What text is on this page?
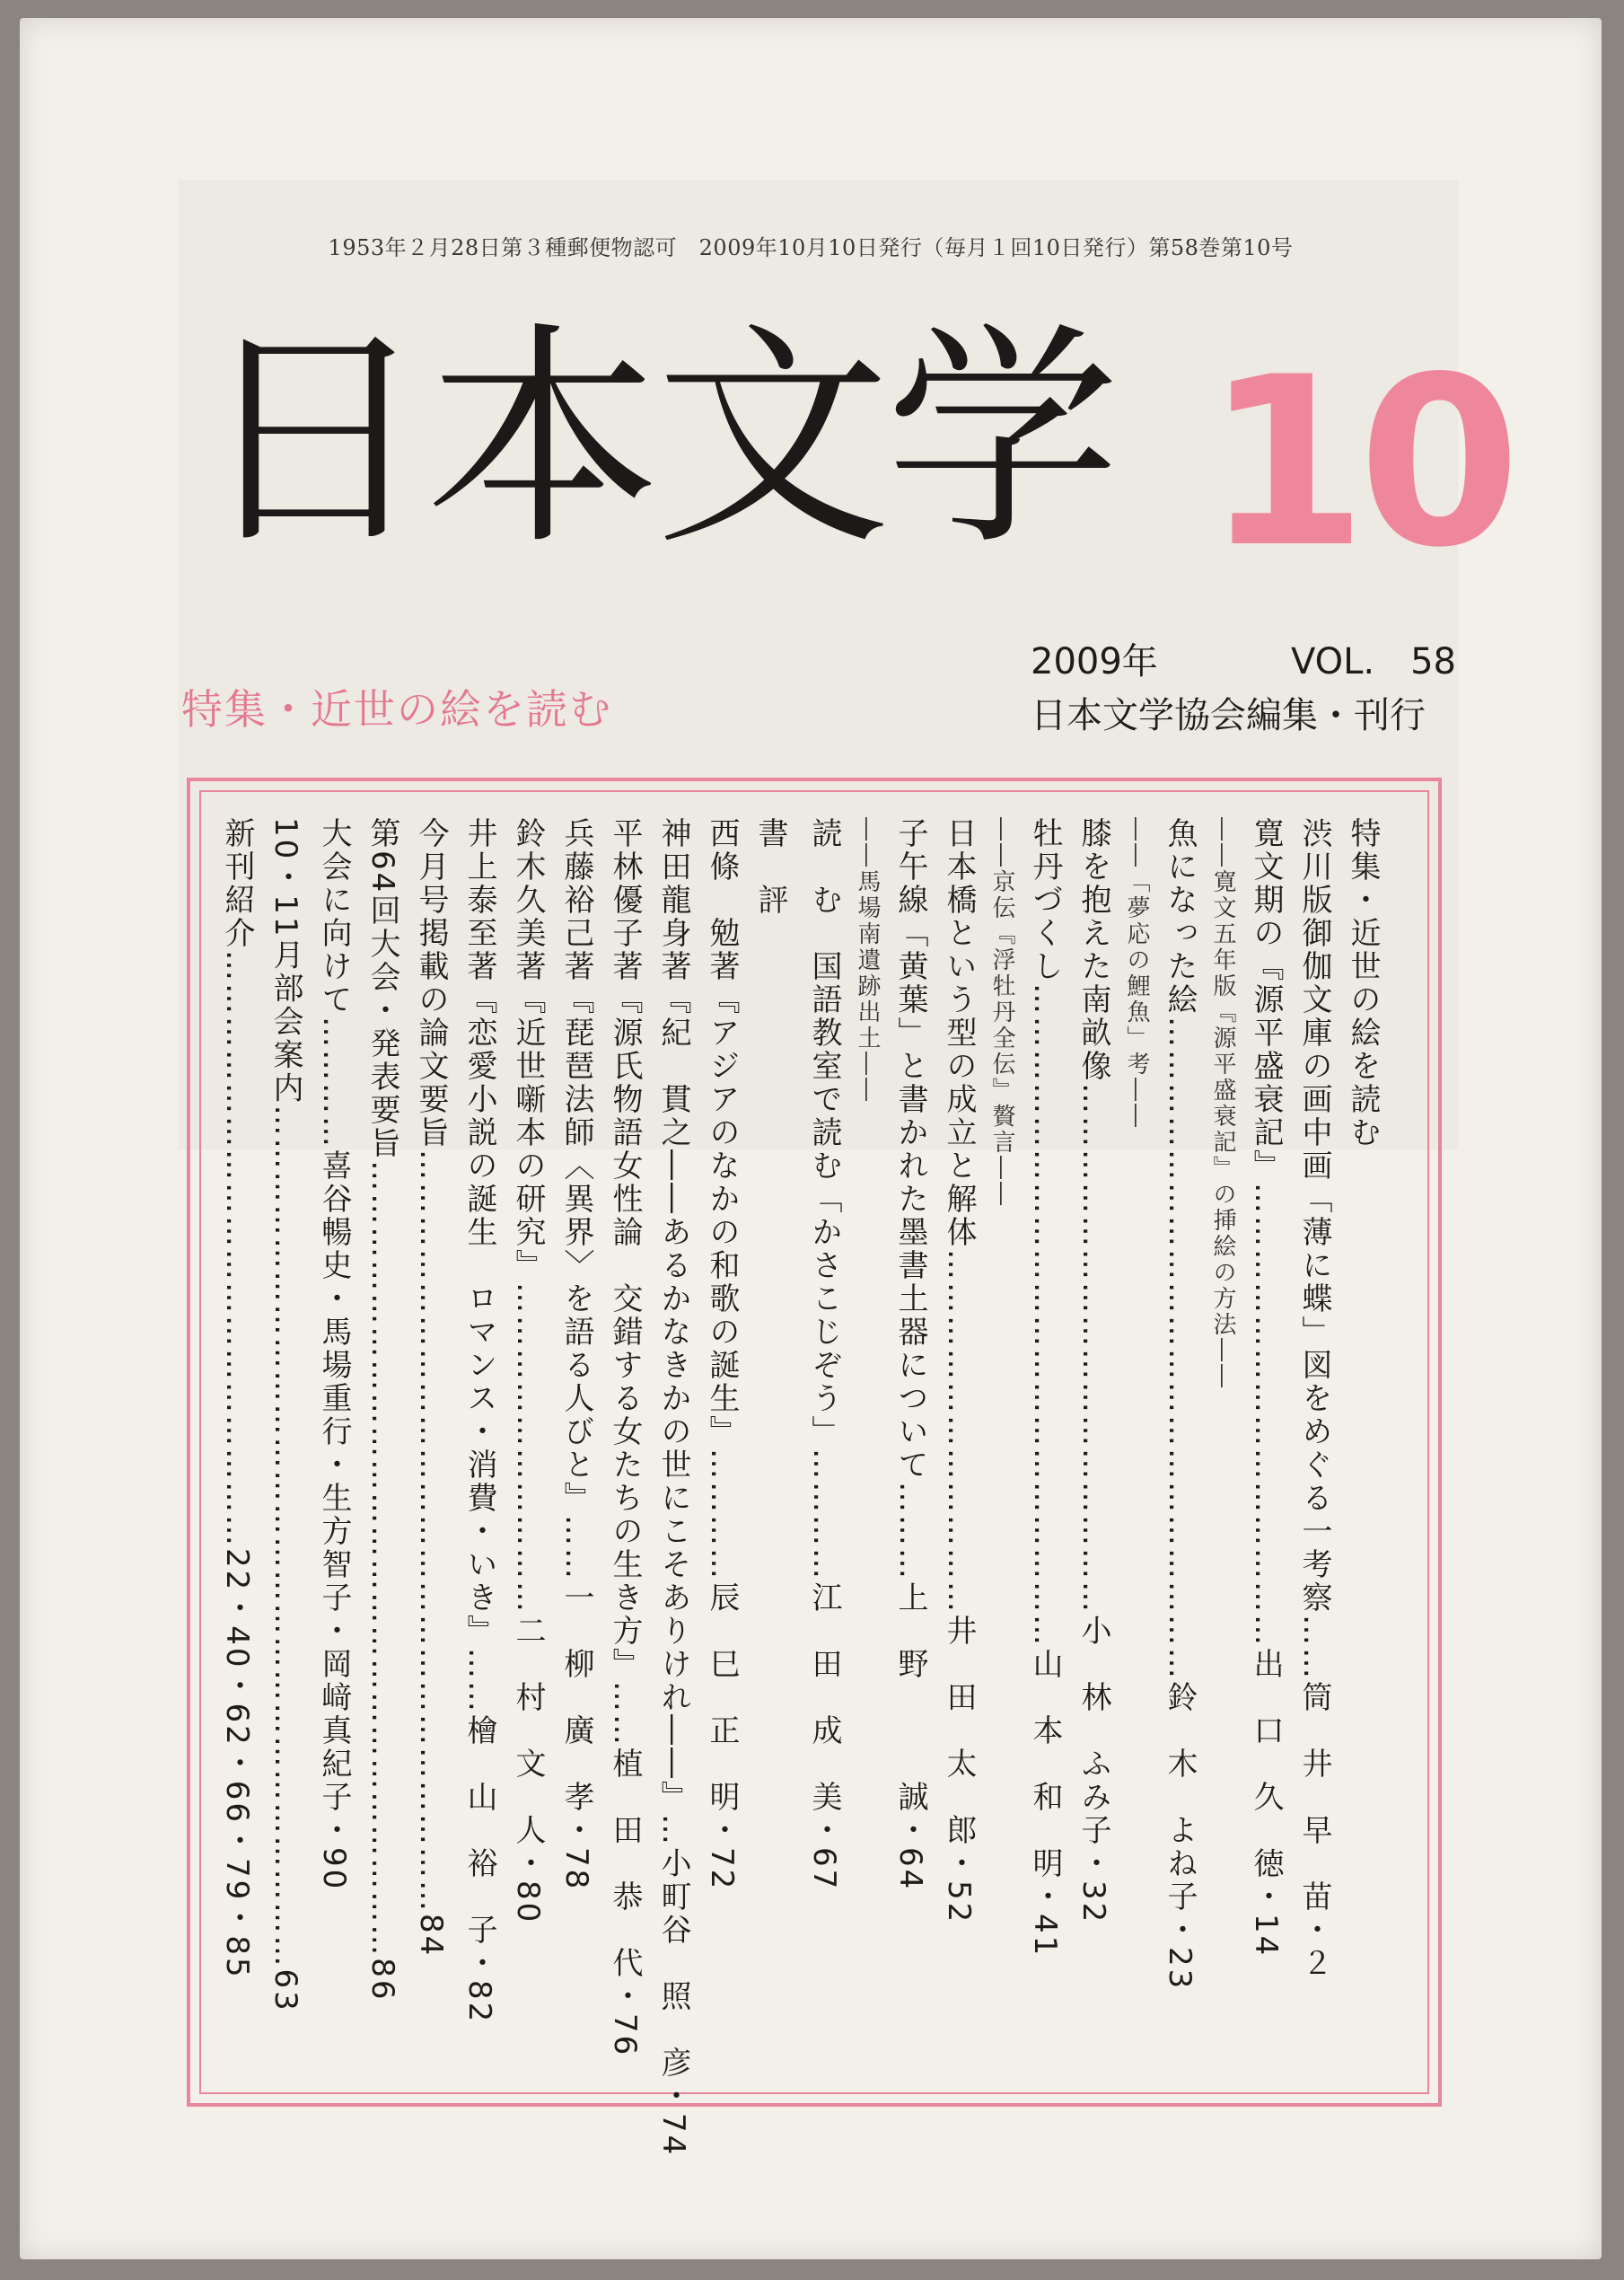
1953年２月28日第３種郵便物認可　2009年10月10日発行（毎月１回10日発行）第58巻第10号
日本文学 10
2009年	VOL.　58
日本文学協会編集・刊行
特集・近世の絵を読む
特集・近世の絵を読む
渋川版御伽文庫の画中画「薄に蝶」図をめぐる一考察……筒　井　早　苗・２
寛文期の『源平盛衰記』……………………………………出　口　久　徳・14
――寛文五年版『源平盛衰記』の挿絵の方法――
魚になった絵……………………………………………………鈴　木　よね子・23
――「夢応の鯉魚」考――
膝を抱えた南畝像…………………………………………小　林　ふみ子・32
牡丹づくし……………………………………………………山　本　和　明・41
――京伝『浮牡丹全伝』贅言――
日本橋という型の成立と解体……………………………井　田　太　郎・52
子午線「黄葉」と書かれた墨書土器について………上　野　　　誠・64
――馬場南遺跡出土――
読　む　国語教室で読む「かさこじぞう」…………江　田　成　美・67
書　評
西條　勉著『アジアのなかの和歌の誕生』…………辰　巳　正　明・72
神田龍身著『紀　貫之――あるかなきかの世にこそありけれ――』…小町谷　照　彦・74
平林優子著『源氏物語女性論　交錯する女たちの生き方』……植　田　恭　代・76
兵藤裕己著『琵琶法師〈異界〉を語る人びと』……一　柳　廣　孝・78
鈴木久美著『近世噺本の研究』…………………………二　村　文　人・80
井上泰至著『恋愛小説の誕生　ロマンス・消費・いき』……檜　山　裕　子・82
今月号掲載の論文要旨……………………………………………………………84
第64回大会・発表要旨………………………………………………………………86
大会に向けて…………喜谷暢史・馬場重行・生方智子・岡﨑真紀子・90
10・11月部会案内……………………………………………………………………63
新刊紹介………………………………………………22・40・62・66・79・85
